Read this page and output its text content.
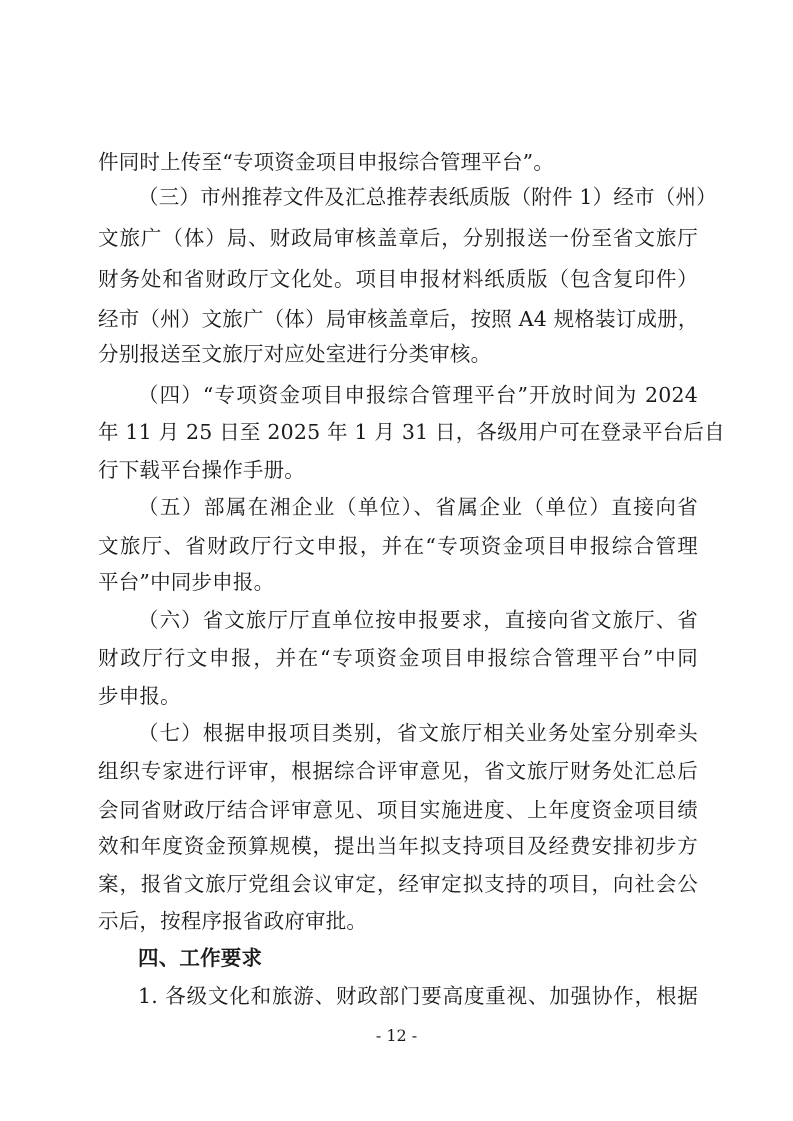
件同时上传至“专项资金项目申报综合管理平台”。
（三）市州推荐文件及汇总推荐表纸质版（附件 1）经市（州）
文旅广（体）局、财政局审核盖章后，分别报送一份至省文旅厅
财务处和省财政厅文化处。项目申报材料纸质版（包含复印件）
经市（州）文旅广（体）局审核盖章后，按照 A4 规格装订成册，
分别报送至文旅厅对应处室进行分类审核。
（四）“专项资金项目申报综合管理平台”开放时间为 2024
年 11 月 25 日至 2025 年 1 月 31 日，各级用户可在登录平台后自
行下载平台操作手册。
（五）部属在湘企业（单位）、省属企业（单位）直接向省
文旅厅、省财政厅行文申报，并在“专项资金项目申报综合管理
平台”中同步申报。
（六）省文旅厅厅直单位按申报要求，直接向省文旅厅、省
财政厅行文申报，并在“专项资金项目申报综合管理平台”中同
步申报。
（七）根据申报项目类别，省文旅厅相关业务处室分别牵头
组织专家进行评审，根据综合评审意见，省文旅厅财务处汇总后
会同省财政厅结合评审意见、项目实施进度、上年度资金项目绩
效和年度资金预算规模，提出当年拟支持项目及经费安排初步方
案，报省文旅厅党组会议审定，经审定拟支持的项目，向社会公
示后，按程序报省政府审批。
四、工作要求
1. 各级文化和旅游、财政部门要高度重视、加强协作，根据
- 12 -
